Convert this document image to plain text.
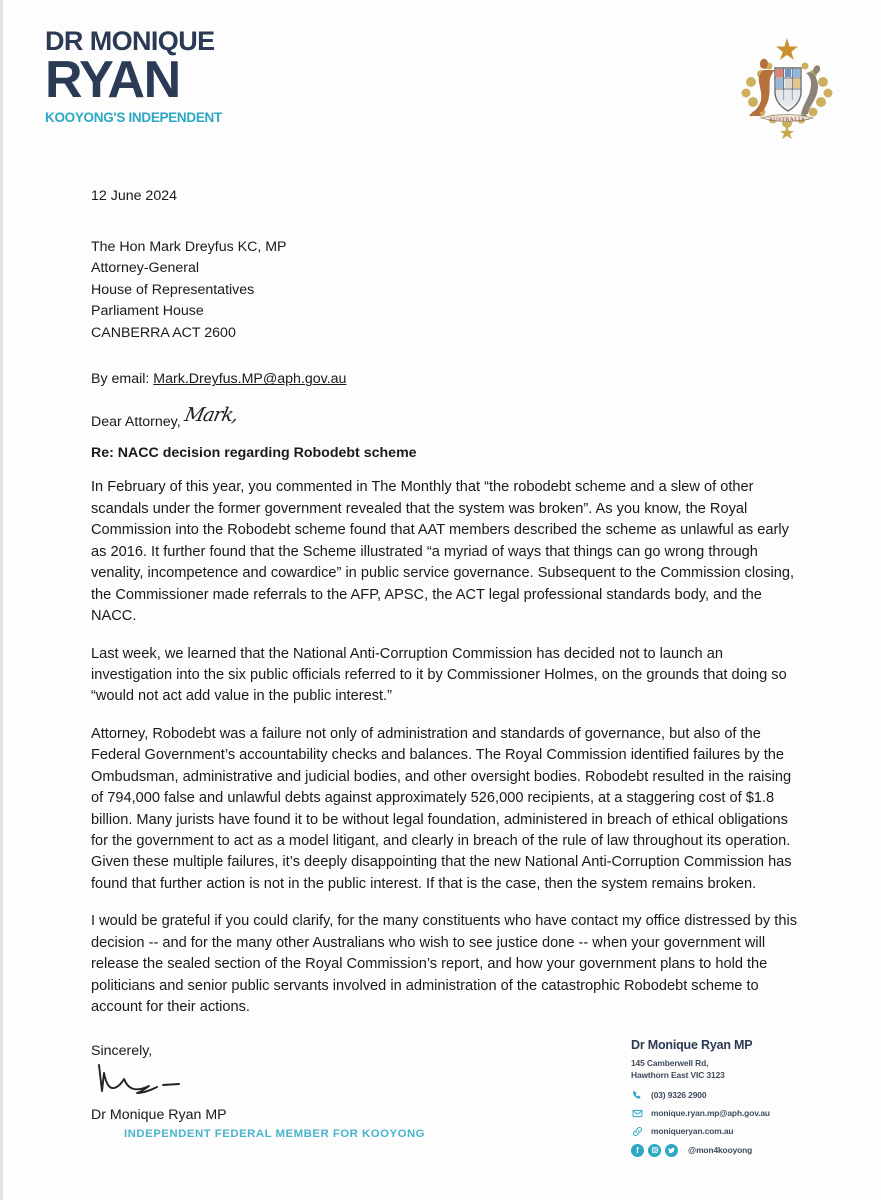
DR MONIQUE
RYAN
KOOYONG'S INDEPENDENT	AUSTRALIA
12 June 2024
The Hon Mark Dreyfus KC, MP
Attorney-General
House of Representatives
Parliament House
CANBERRA ACT 2600
By email: Mark.Dreyfus.MP@aph.gov.au
Dear Attorney,Mark,
Re: NACC decision regarding Robodebt scheme
In February of this year, you commented in The Monthly that “the robodebt scheme and a slew of other scandals under the former government revealed that the system was broken”. As you know, the Royal Commission into the Robodebt scheme found that AAT members described the scheme as unlawful as early as 2016. It further found that the Scheme illustrated “a myriad of ways that things can go wrong through venality, incompetence and cowardice” in public service governance. Subsequent to the Commission closing, the Commissioner made referrals to the AFP, APSC, the ACT legal professional standards body, and the NACC.
Last week, we learned that the National Anti-Corruption Commission has decided not to launch an investigation into the six public officials referred to it by Commissioner Holmes, on the grounds that doing so “would not act add value in the public interest.”
Attorney, Robodebt was a failure not only of administration and standards of governance, but also of the Federal Government’s accountability checks and balances. The Royal Commission identified failures by the Ombudsman, administrative and judicial bodies, and other oversight bodies. Robodebt resulted in the raising of 794,000 false and unlawful debts against approximately 526,000 recipients, at a staggering cost of $1.8 billion. Many jurists have found it to be without legal foundation, administered in breach of ethical obligations for the government to act as a model litigant, and clearly in breach of the rule of law throughout its operation. Given these multiple failures, it’s deeply disappointing that the new National Anti-Corruption Commission has found that further action is not in the public interest. If that is the case, then the system remains broken.
I would be grateful if you could clarify, for the many constituents who have contact my office distressed by this decision -- and for the many other Australians who wish to see justice done -- when your government will release the sealed section of the Royal Commission’s report, and how your government plans to hold the politicians and senior public servants involved in administration of the catastrophic Robodebt scheme to account for their actions.
Sincerely,
Dr Monique Ryan MP
Dr Monique Ryan MP
145 Camberwell Rd,
Hawthorn East VIC 3123
(03) 9326 2900
monique.ryan.mp@aph.gov.au
moniqueryan.com.au
f	@mon4kooyong
INDEPENDENT FEDERAL MEMBER FOR KOOYONG
